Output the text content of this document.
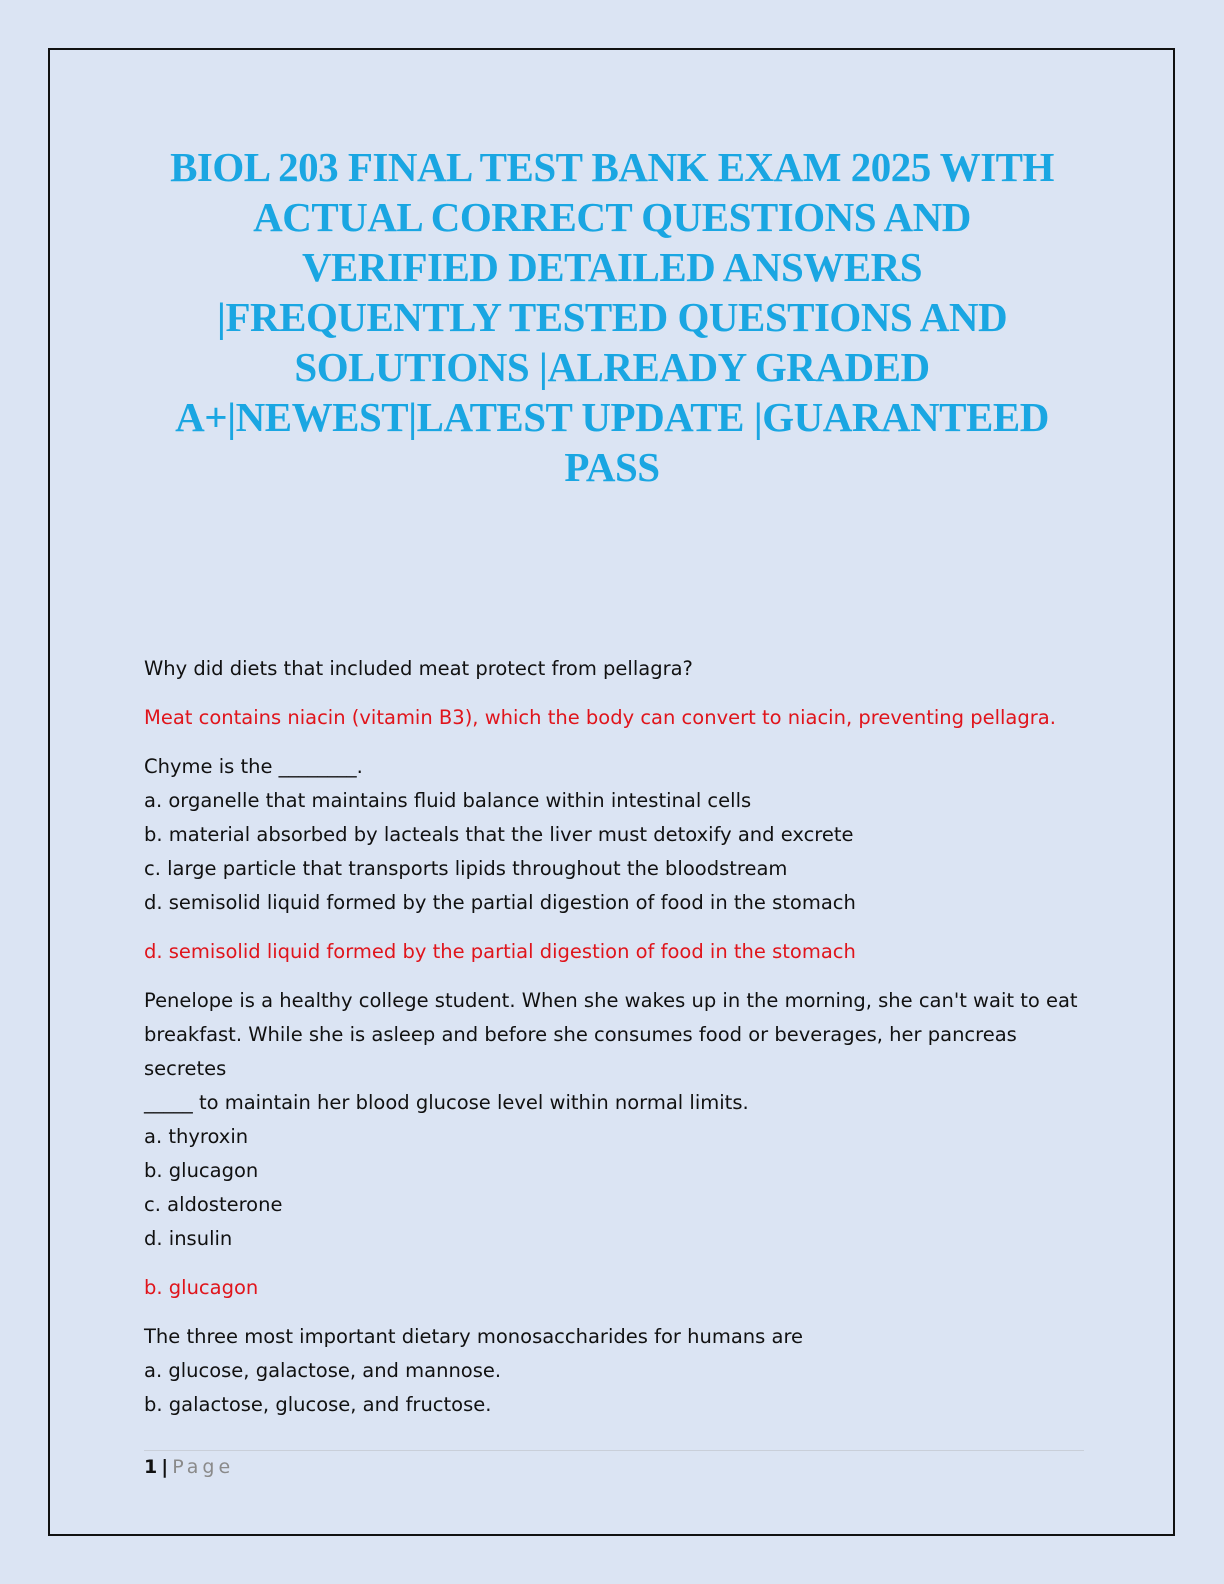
BIOL 203 FINAL TEST BANK EXAM 2025 WITH
ACTUAL CORRECT QUESTIONS AND
VERIFIED DETAILED ANSWERS
|FREQUENTLY TESTED QUESTIONS AND
SOLUTIONS |ALREADY GRADED
A+|NEWEST|LATEST UPDATE |GUARANTEED
PASS
Why did diets that included meat protect from pellagra?
Meat contains niacin (vitamin B3), which the body can convert to niacin, preventing pellagra.
Chyme is the ________.
a. organelle that maintains fluid balance within intestinal cells
b. material absorbed by lacteals that the liver must detoxify and excrete
c. large particle that transports lipids throughout the bloodstream
d. semisolid liquid formed by the partial digestion of food in the stomach
d. semisolid liquid formed by the partial digestion of food in the stomach
Penelope is a healthy college student. When she wakes up in the morning, she can't wait to eat
breakfast. While she is asleep and before she consumes food or beverages, her pancreas
secretes
_____ to maintain her blood glucose level within normal limits.
a. thyroxin
b. glucagon
c. aldosterone
d. insulin
b. glucagon
The three most important dietary monosaccharides for humans are
a. glucose, galactose, and mannose.
b. galactose, glucose, and fructose.
1 | Page
